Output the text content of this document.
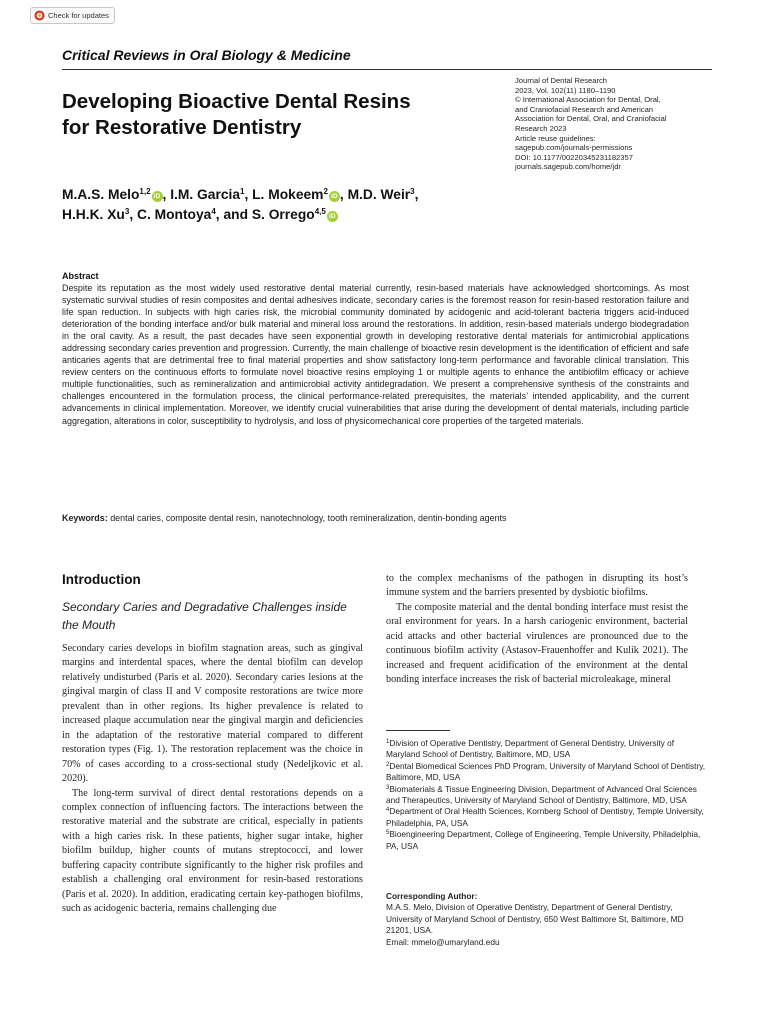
Check for updates
Critical Reviews in Oral Biology & Medicine
Developing Bioactive Dental Resins
for Restorative Dentistry
Journal of Dental Research
2023, Vol. 102(11) 1180–1190
© International Association for Dental, Oral,
and Craniofacial Research and American
Association for Dental, Oral, and Craniofacial
Research 2023
Article reuse guidelines:
sagepub.com/journals-permissions
DOI: 10.1177/00220345231182357
journals.sagepub.com/home/jdr
M.A.S. Melo$^{1,2}$iD , I.M. Garcia$^1$, L. Mokeem$^2$iD , M.D. Weir$^3$,
H.H.K. Xu$^3$, C. Montoya$^4$, and S. Orrego$^{4,5}$iD
Abstract
Despite its reputation as the most widely used restorative dental material currently, resin-based materials have acknowledged shortcomings. As most systematic survival studies of resin composites and dental adhesives indicate, secondary caries is the foremost reason for resin-based restoration failure and life span reduction. In subjects with high caries risk, the microbial community dominated by acidogenic and acid-tolerant bacteria triggers acid-induced deterioration of the bonding interface and/or bulk material and mineral loss around the restorations. In addition, resin-based materials undergo biodegradation in the oral cavity. As a result, the past decades have seen exponential growth in developing restorative dental materials for antimicrobial applications addressing secondary caries prevention and progression. Currently, the main challenge of bioactive resin development is the identification of efficient and safe anticaries agents that are detrimental free to final material properties and show satisfactory long-term performance and favorable clinical translation. This review centers on the continuous efforts to formulate novel bioactive resins employing 1 or multiple agents to enhance the antibiofilm efficacy or achieve multiple functionalities, such as remineralization and antimicrobial activity antidegradation. We present a comprehensive synthesis of the constraints and challenges encountered in the formulation process, the clinical performance-related prerequisites, the materials’ intended applicability, and the current advancements in clinical implementation. Moreover, we identify crucial vulnerabilities that arise during the development of dental materials, including particle aggregation, alterations in color, susceptibility to hydrolysis, and loss of physicomechanical core properties of the targeted materials.
Keywords: dental caries, composite dental resin, nanotechnology, tooth remineralization, dentin-bonding agents
Introduction
Secondary Caries and Degradative Challenges inside the Mouth

Secondary caries develops in biofilm stagnation areas, such as gingival margins and interdental spaces, where the dental biofilm can develop relatively undisturbed (Paris et al. 2020). Secondary caries lesions at the gingival margin of class II and V composite restorations are twice more prevalent than in other regions. Its higher prevalence is related to increased plaque accumulation near the gingival margin and deficiencies in the adaptation of the restorative material compared to different restoration types (Fig. 1). The restoration replacement was the choice in 70% of cases according to a cross-sectional study (Nedeljkovic et al. 2020).

The long-term survival of direct dental restorations depends on a complex connection of influencing factors. The interactions between the restorative material and the substrate are critical, especially in patients with a high caries risk. In these patients, higher sugar intake, higher biofilm buildup, higher counts of mutans streptococci, and lower buffering capacity contribute significantly to the higher risk profiles and establish a challenging oral environment for resin-based restorations (Paris et al. 2020). In addition, eradicating certain key-pathogen biofilms, such as acidogenic bacteria, remains challenging due

to the complex mechanisms of the pathogen in disrupting its host’s immune system and the barriers presented by dysbiotic biofilms.

The composite material and the dental bonding interface must resist the oral environment for years. In a harsh cariogenic environment, bacterial acid attacks and other bacterial virulences are pronounced due to the continuous biofilm activity (Astasov-Frauenhoffer and Kulik 2021). The increased and frequent acidification of the environment at the dental bonding interface increases the risk of bacterial microleakage, mineral

$^1$Division of Operative Dentistry, Department of General Dentistry, University of Maryland School of Dentistry, Baltimore, MD, USA
$^2$Dental Biomedical Sciences PhD Program, University of Maryland School of Dentistry, Baltimore, MD, USA
$^3$Biomaterials & Tissue Engineering Division, Department of Advanced Oral Sciences and Therapeutics, University of Maryland School of Dentistry, Baltimore, MD, USA
$^4$Department of Oral Health Sciences, Kornberg School of Dentistry, Temple University, Philadelphia, PA, USA
$^5$Bioengineering Department, College of Engineering, Temple University, Philadelphia, PA, USA
Corresponding Author:
M.A.S. Melo, Division of Operative Dentistry, Department of General Dentistry, University of Maryland School of Dentistry, 650 West Baltimore St, Baltimore, MD 21201, USA.
Email: mmelo@umaryland.edu
